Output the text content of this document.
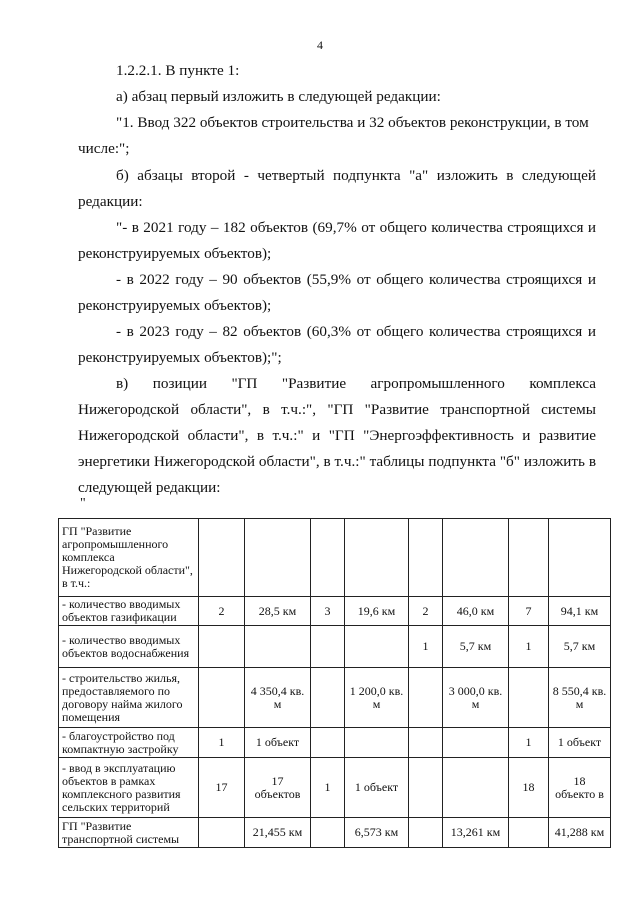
4

1.2.2.1. В пункте 1:

а) абзац первый изложить в следующей редакции:

"1. Ввод 322 объектов строительства и 32 объектов реконструкции, в том

числе:";

б) абзацы второй - четвертый подпункта "а" изложить в следующей

редакции:

"- в 2021 году – 182 объектов (69,7% от общего количества строящихся и

реконструируемых объектов);

- в 2022 году – 90 объектов (55,9% от общего количества строящихся и

реконструируемых объектов);

- в 2023 году – 82 объектов (60,3% от общего количества строящихся и

реконструируемых объектов);";

в) позиции "ГП "Развитие агропромышленного комплекса

Нижегородской области", в т.ч.:", "ГП "Развитие транспортной системы

Нижегородской области", в т.ч.:" и "ГП "Энергоэффективность и развитие

энергетики Нижегородской области", в т.ч.:" таблицы подпункта "б" изложить в

следующей редакции:

"
ГП "Развитие агропромышленного комплекса Нижегородской области", в т.ч.:								
- количество вводимых объектов газификации	2	28,5 км	3	19,6 км	2	46,0 км	7	94,1 км
- количество вводимых объектов водоснабжения					1	5,7 км	1	5,7 км
- строительство жилья, предоставляемого по договору найма жилого помещения		4 350,4 кв. м		1 200,0 кв. м		3 000,0 кв. м		8 550,4 кв. м
- благоустройство под компактную застройку	1	1 объект					1	1 объект
- ввод в эксплуатацию объектов в рамках комплексного развития сельских территорий	17	17 объектов	1	1 объект			18	18 объекто в
ГП "Развитие транспортной системы		21,455 км		6,573 км		13,261 км		41,288 км
